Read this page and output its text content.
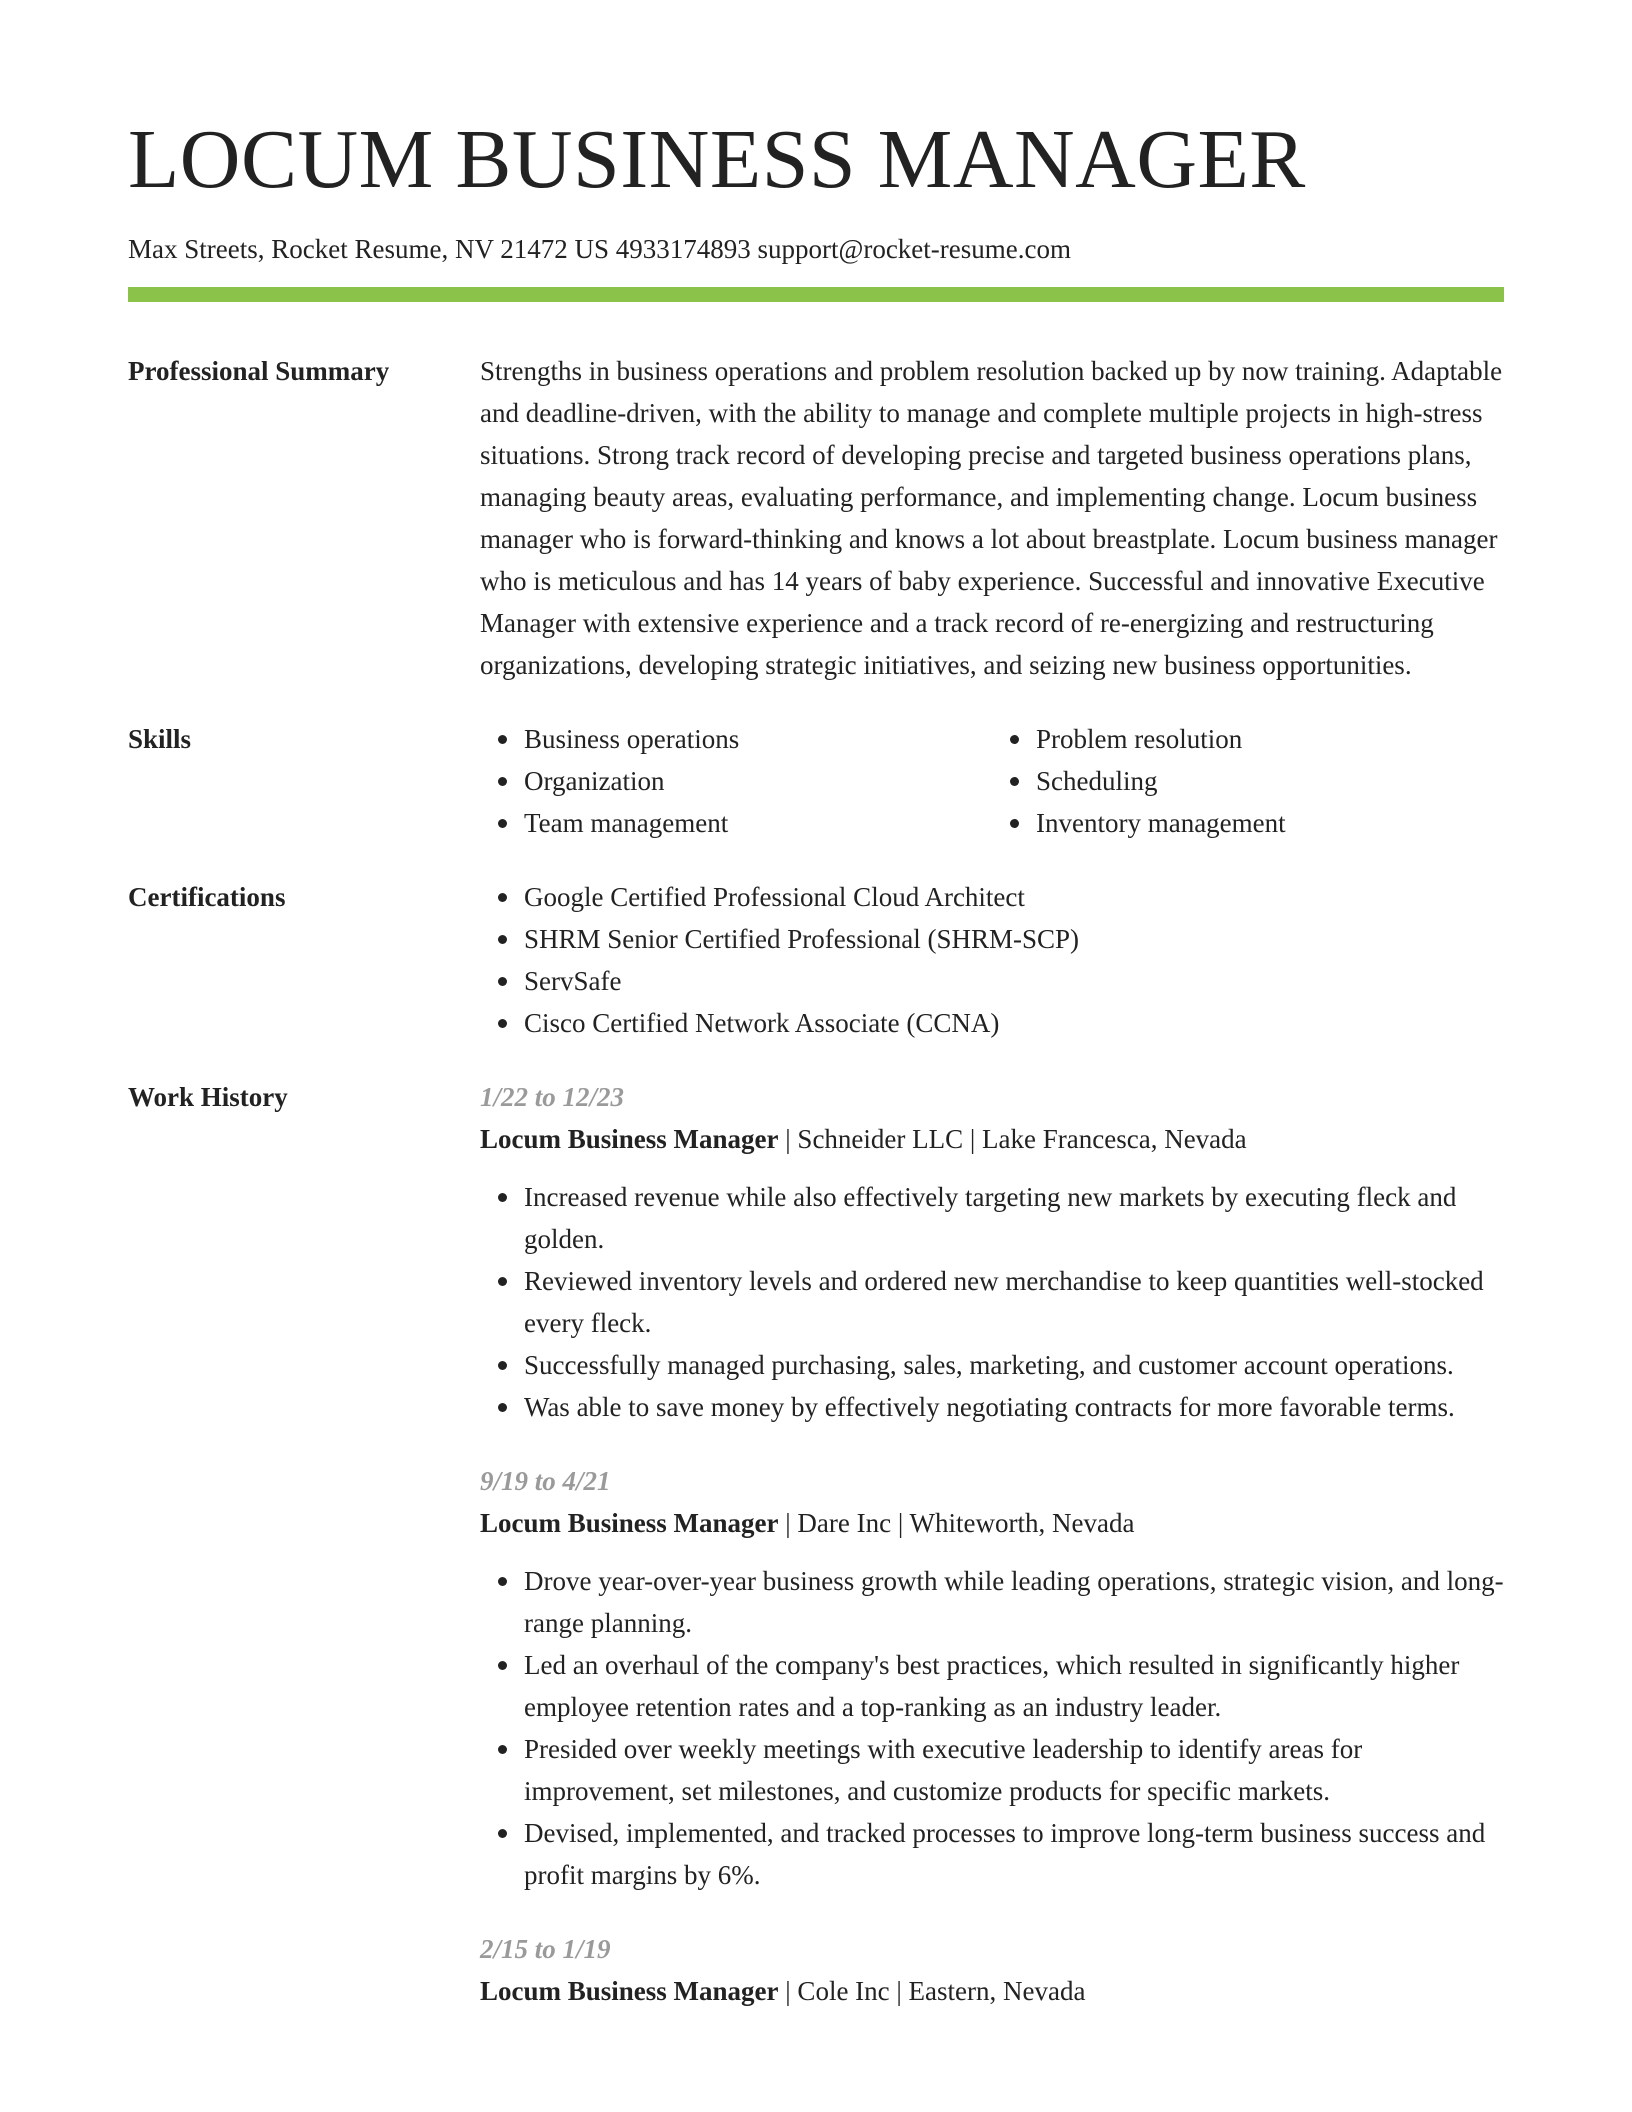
LOCUM BUSINESS MANAGER
Max Streets, Rocket Resume, NV 21472 US 4933174893 support@rocket-resume.com
Professional Summary	Strengths in business operations and problem resolution backed up by now training. Adaptable and deadline-driven, with the ability to manage and complete multiple projects in high-stress situations. Strong track record of developing precise and targeted business operations plans, managing beauty areas, evaluating performance, and implementing change. Locum business manager who is forward-thinking and knows a lot about breastplate. Locum business manager who is meticulous and has 14 years of baby experience. Successful and innovative Executive Manager with extensive experience and a track record of re-energizing and restructuring organizations, developing strategic initiatives, and seizing new business opportunities.

Skills	Business operations
Organization
Team management
Problem resolution
Scheduling
Inventory management
Certifications	Google Certified Professional Cloud Architect
SHRM Senior Certified Professional (SHRM-SCP)
ServSafe
Cisco Certified Network Associate (CCNA)
Work History	1/22 to 12/23
Locum Business Manager | Schneider LLC | Lake Francesca, Nevada
Increased revenue while also effectively targeting new markets by executing fleck and golden.
Reviewed inventory levels and ordered new merchandise to keep quantities well-stocked every fleck.
Successfully managed purchasing, sales, marketing, and customer account operations.
Was able to save money by effectively negotiating contracts for more favorable terms.
9/19 to 4/21
Locum Business Manager | Dare Inc | Whiteworth, Nevada
Drove year-over-year business growth while leading operations, strategic vision, and long-range planning.
Led an overhaul of the company's best practices, which resulted in significantly higher employee retention rates and a top-ranking as an industry leader.
Presided over weekly meetings with executive leadership to identify areas for improvement, set milestones, and customize products for specific markets.
Devised, implemented, and tracked processes to improve long-term business success and profit margins by 6%.
2/15 to 1/19
Locum Business Manager | Cole Inc | Eastern, Nevada
